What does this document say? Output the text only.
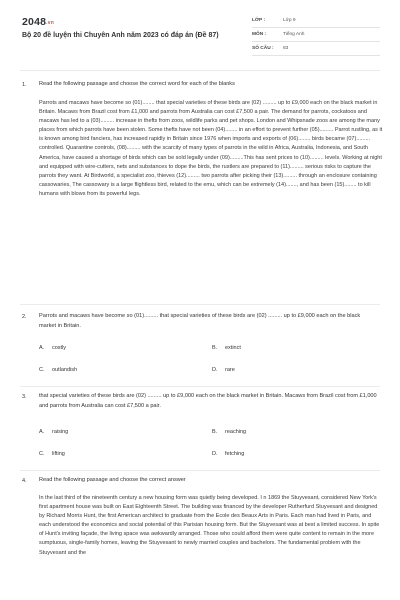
2048.vn
Bộ 20 đề luyện thi Chuyên Anh năm 2023 có đáp án (Đề 87)
LỚP :	Lớp 9
MÔN :	Tiếng Anh
SỐ CÂU :	83
1. Read the following passage and choose the correct word for each of the blanks

Parrots and macaws have become so (01)........ that special varieties of these birds are (02) ......... up to £9,000 each on the black market in Britain. Macaws from Brazil cost from £1,000 and parrots from Australia can cost £7,500 a pair. The demand for parrots, cockatoos and macaws has led to a (03)......... increase in thefts from zoos, wildlife parks and pet shops. London and Whipsnade zoos are among the many places from which parrots have been stolen. Some thefts have not been (04)........ in an effort to prevent further (05)......... Parrot rustling, as it is known among bird fanciers, has increased rapidly in Britain since 1976 when imports and exports of (06)........ birds became (07)......... controlled. Quarantine controls, (08)......... with the scarcity of many types of parrots in the wild in Africa, Australia, Indonesia, and South America, have caused a shortage of birds which can be sold legally under (09).........This has sent prices to (10)......... levels. Working at night and equipped with wire-cutters, nets and substances to dope the birds, the rustlers are prepared to (11)......... serious risks to capture the parrots they want. At Birdworld, a specialist zoo, thieves (12)......... two parrots after picking their (13)......... through an enclosure containing cassowaries, The cassowary is a large flightless bird, related to the emu, which can be extremely (14)......., and has been (15)........ to kill humans with blows from its powerful legs.

2. Parrots and macaws have become so (01)......... that special varieties of these birds are (02) ......... up to £9,000 each on the black market in Britain.
A. costly	B. extinct
C. outlandish	D. rare
3. that special varieties of these birds are (02) ......... up to £9,000 each on the black market in Britain. Macaws from Brazil cost from £1,000 and parrots from Australia can cost £7,500 a pair.
A. raising	B. reaching
C. lifting	D. fetching
4. Read the following passage and choose the correct answer

In the last third of the nineteenth century a new housing form was quietly being developed. I n 1869 the Stuyvesant, considered New York's first apartment house was built on East Eighteenth Street. The building was financed by the developer Rutherfurd Stuyvesant and designed by Richard Morris Hunt, the first American architect to graduate from the Ecole des Beaux Arts in Paris. Each man had lived in Paris, and each understood the economics and social potential of this Parisian housing form. But the Stuyvesant was at best a limited success. In spite of Hunt's inviting façade, the living space was awkwardly arranged. Those who could afford them were quite content to remain in the more sumptuous, single-family homes, leaving the Stuyvesant to newly married couples and bachelors. The fundamental problem with the Stuyvesant and the
